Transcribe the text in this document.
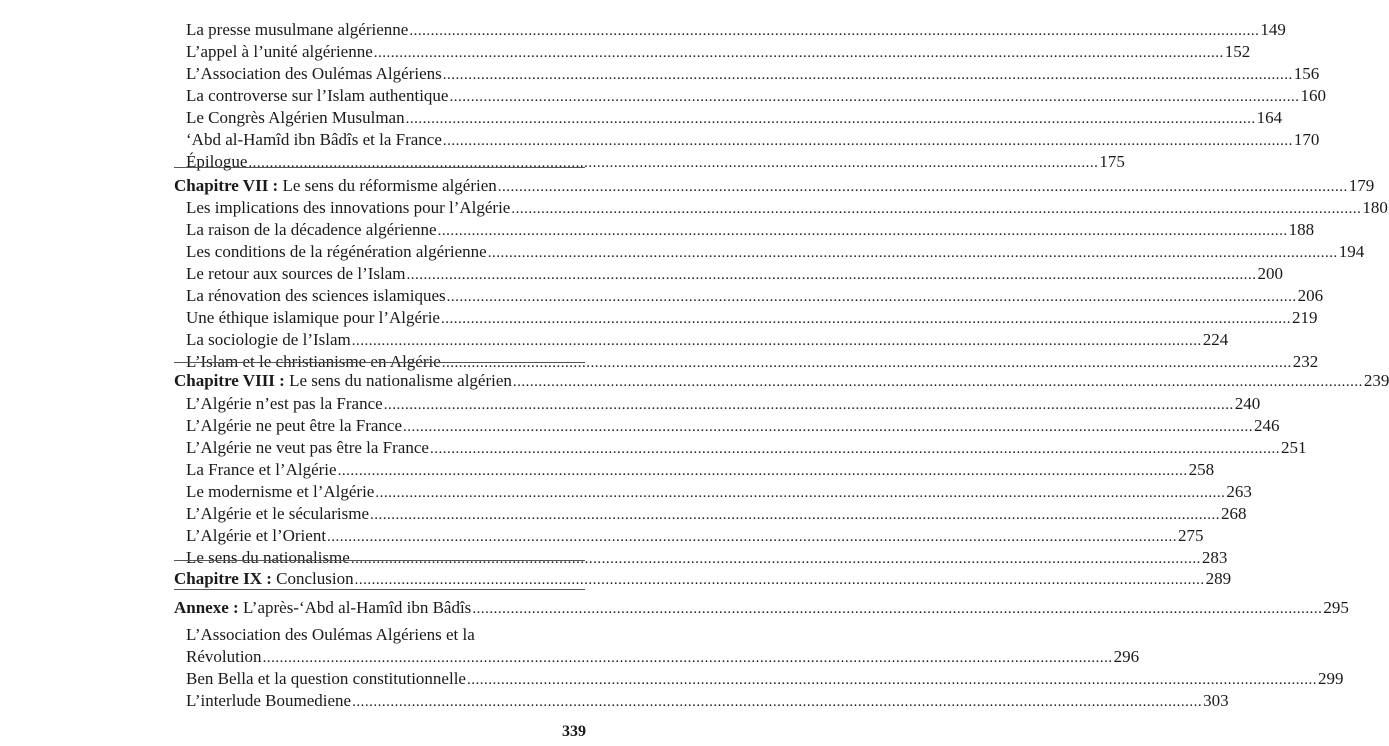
La presse musulmane algérienne ........................................................................................................................................................................................................ 149
L’appel à l’unité algérienne ........................................................................................................................................................................................................ 152
L’Association des Oulémas Algériens ........................................................................................................................................................................................................ 156
La controverse sur l’Islam authentique ........................................................................................................................................................................................................ 160
Le Congrès Algérien Musulman ........................................................................................................................................................................................................ 164
‘Abd al-Hamîd ibn Bâdîs et la France ........................................................................................................................................................................................................ 170
Épilogue ........................................................................................................................................................................................................ 175
Chapitre VII : Le sens du réformisme algérien ........................................................................................................................................................................................................ 179
Les implications des innovations pour l’Algérie ........................................................................................................................................................................................................ 180
La raison de la décadence algérienne ........................................................................................................................................................................................................ 188
Les conditions de la régénération algérienne ........................................................................................................................................................................................................ 194
Le retour aux sources de l’Islam ........................................................................................................................................................................................................ 200
La rénovation des sciences islamiques ........................................................................................................................................................................................................ 206
Une éthique islamique pour l’Algérie ........................................................................................................................................................................................................ 219
La sociologie de l’Islam ........................................................................................................................................................................................................ 224
L’Islam et le christianisme en Algérie ........................................................................................................................................................................................................ 232
Chapitre VIII : Le sens du nationalisme algérien ........................................................................................................................................................................................................ 239
L’Algérie n’est pas la France ........................................................................................................................................................................................................ 240
L’Algérie ne peut être la France ........................................................................................................................................................................................................ 246
L’Algérie ne veut pas être la France ........................................................................................................................................................................................................ 251
La France et l’Algérie ........................................................................................................................................................................................................ 258
Le modernisme et l’Algérie ........................................................................................................................................................................................................ 263
L’Algérie et le sécularisme ........................................................................................................................................................................................................ 268
L’Algérie et l’Orient ........................................................................................................................................................................................................ 275
Le sens du nationalisme ........................................................................................................................................................................................................ 283
Chapitre IX : Conclusion ........................................................................................................................................................................................................ 289
Annexe : L’après-‘Abd al-Hamîd ibn Bâdîs ........................................................................................................................................................................................................ 295
L’Association des Oulémas Algériens et la
Révolution ........................................................................................................................................................................................................ 296
Ben Bella et la question constitutionnelle ........................................................................................................................................................................................................ 299
L’interlude Boumediene ........................................................................................................................................................................................................ 303
339
